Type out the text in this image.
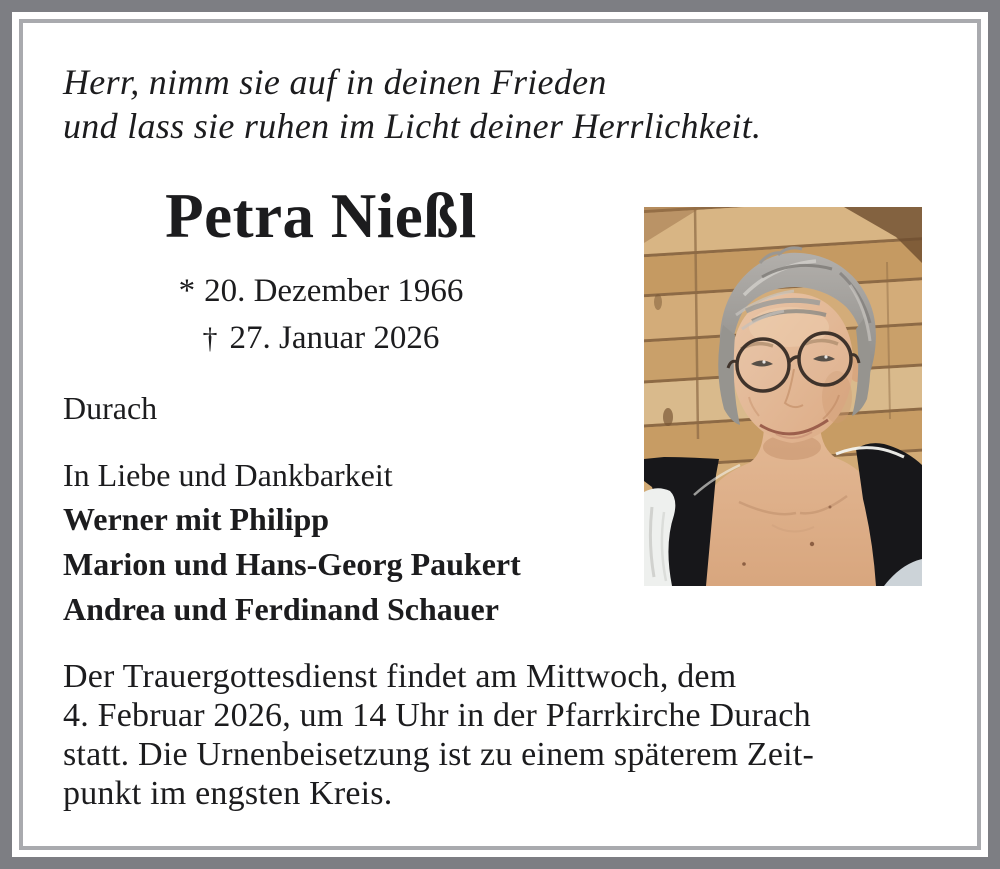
Herr, nimm sie auf in deinen Frieden
und lass sie ruhen im Licht deiner Herrlichkeit.
Petra Nießl
* 20. Dezember 1966
† 27. Januar 2026
Durach
In Liebe und Dankbarkeit
Werner mit Philipp
Marion und Hans-Georg Paukert
Andrea und Ferdinand Schauer
Der Trauergottesdienst findet am Mittwoch, dem
4. Februar 2026, um 14 Uhr in der Pfarrkirche Durach
statt. Die Urnenbeisetzung ist zu einem späterem Zeit-
punkt im engsten Kreis.
